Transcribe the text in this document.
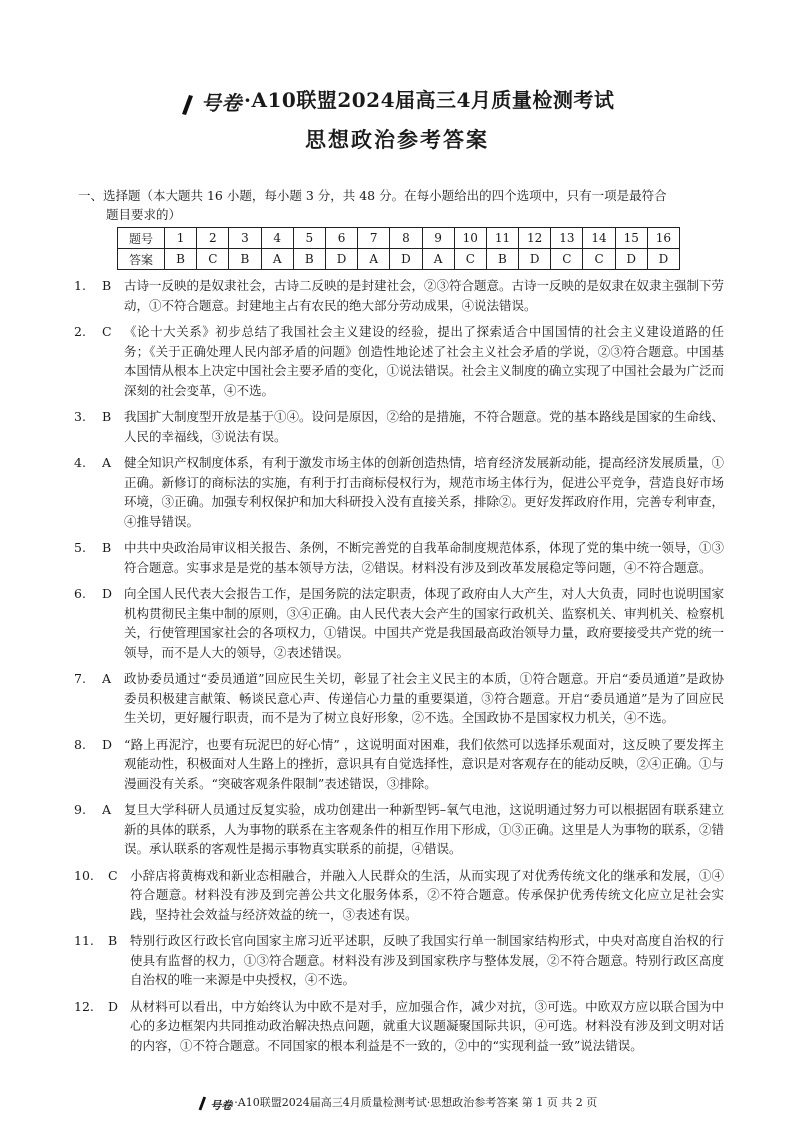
号卷 ·A10联盟2024届高三4月质量检测考试
思想政治参考答案
一、选择题（本大题共 16 小题，每小题 3 分，共 48 分。在每小题给出的四个选项中，只有一项是最符合
题目要求的）
题号	1	2	3	4	5	6	7	8	9	10	11	12	13	14	15	16
答案	B	C	B	A	B	D	A	D	A	C	B	D	C	C	D	D
1.	B	古诗一反映的是奴隶社会，古诗二反映的是封建社会，②③符合题意。古诗一反映的是奴隶在奴隶主强制下劳动，①不符合题意。封建地主占有农民的绝大部分劳动成果，④说法错误。
2.	C 《论十大关系》初步总结了我国社会主义建设的经验，提出了探索适合中国国情的社会主义建设道路的任务；《关于正确处理人民内部矛盾的问题》创造性地论述了社会主义社会矛盾的学说，②③符合题意。中国基本国情从根本上决定中国社会主要矛盾的变化，①说法错误。社会主义制度的确立实现了中国社会最为广泛而深刻的社会变革，④不选。
3.	B	我国扩大制度型开放是基于①④。设问是原因，②给的是措施，不符合题意。党的基本路线是国家的生命线、人民的幸福线，③说法有误。
4.	A	健全知识产权制度体系，有利于激发市场主体的创新创造热情，培育经济发展新动能，提高经济发展质量，①正确。新修订的商标法的实施，有利于打击商标侵权行为，规范市场主体行为，促进公平竞争，营造良好市场环境，③正确。加强专利权保护和加大科研投入没有直接关系，排除②。更好发挥政府作用，完善专利审查，④推导错误。
5.	B	中共中央政治局审议相关报告、条例，不断完善党的自我革命制度规范体系，体现了党的集中统一领导，①③符合题意。实事求是是党的基本领导方法，②错误。材料没有涉及到改革发展稳定等问题，④不符合题意。
6.	D 向全国人民代表大会报告工作，是国务院的法定职责，体现了政府由人大产生，对人大负责，同时也说明国家机构贯彻民主集中制的原则，③④正确。由人民代表大会产生的国家行政机关、监察机关、审判机关、检察机关，行使管理国家社会的各项权力，①错误。中国共产党是我国最高政治领导力量，政府要接受共产党的统一领导，而不是人大的领导，②表述错误。
7.	A	政协委员通过“委员通道”回应民生关切，彰显了社会主义民主的本质，①符合题意。开启“委员通道”是政协委员积极建言献策、畅谈民意心声、传递信心力量的重要渠道，③符合题意。开启“委员通道”是为了回应民生关切，更好履行职责，而不是为了树立良好形象，②不选。全国政协不是国家权力机关，④不选。
8.	D “路上再泥泞，也要有玩泥巴的好心情” ，这说明面对困难，我们依然可以选择乐观面对，这反映了要发挥主观能动性，积极面对人生路上的挫折，意识具有自觉选择性，意识是对客观存在的能动反映，②④正确。①与漫画没有关系。“突破客观条件限制”表述错误，③排除。
9.	A	复旦大学科研人员通过反复实验，成功创建出一种新型钙–氧气电池，这说明通过努力可以根据固有联系建立新的具体的联系，人为事物的联系在主客观条件的相互作用下形成，①③正确。这里是人为事物的联系，②错误。承认联系的客观性是揭示事物真实联系的前提，④错误。
10.	C 小辞店将黄梅戏和新业态相融合，并融入人民群众的生活，从而实现了对优秀传统文化的继承和发展，①④符合题意。材料没有涉及到完善公共文化服务体系，②不符合题意。传承保护优秀传统文化应立足社会实践，坚持社会效益与经济效益的统一，③表述有误。
11.	B	特别行政区行政长官向国家主席习近平述职，反映了我国实行单一制国家结构形式，中央对高度自治权的行使具有监督的权力，①③符合题意。材料没有涉及到国家秩序与整体发展，②不符合题意。特别行政区高度自治权的唯一来源是中央授权，④不选。
12.	D 从材料可以看出，中方始终认为中欧不是对手，应加强合作，减少对抗，③可选。中欧双方应以联合国为中心的多边框架内共同推动政治解决热点问题，就重大议题凝聚国际共识，④可选。材料没有涉及到文明对话的内容，①不符合题意。不同国家的根本利益是不一致的，②中的“实现利益一致”说法错误。
号卷 ·A10联盟2024届高三4月质量检测考试·思想政治参考答案 第 1 页 共 2 页
